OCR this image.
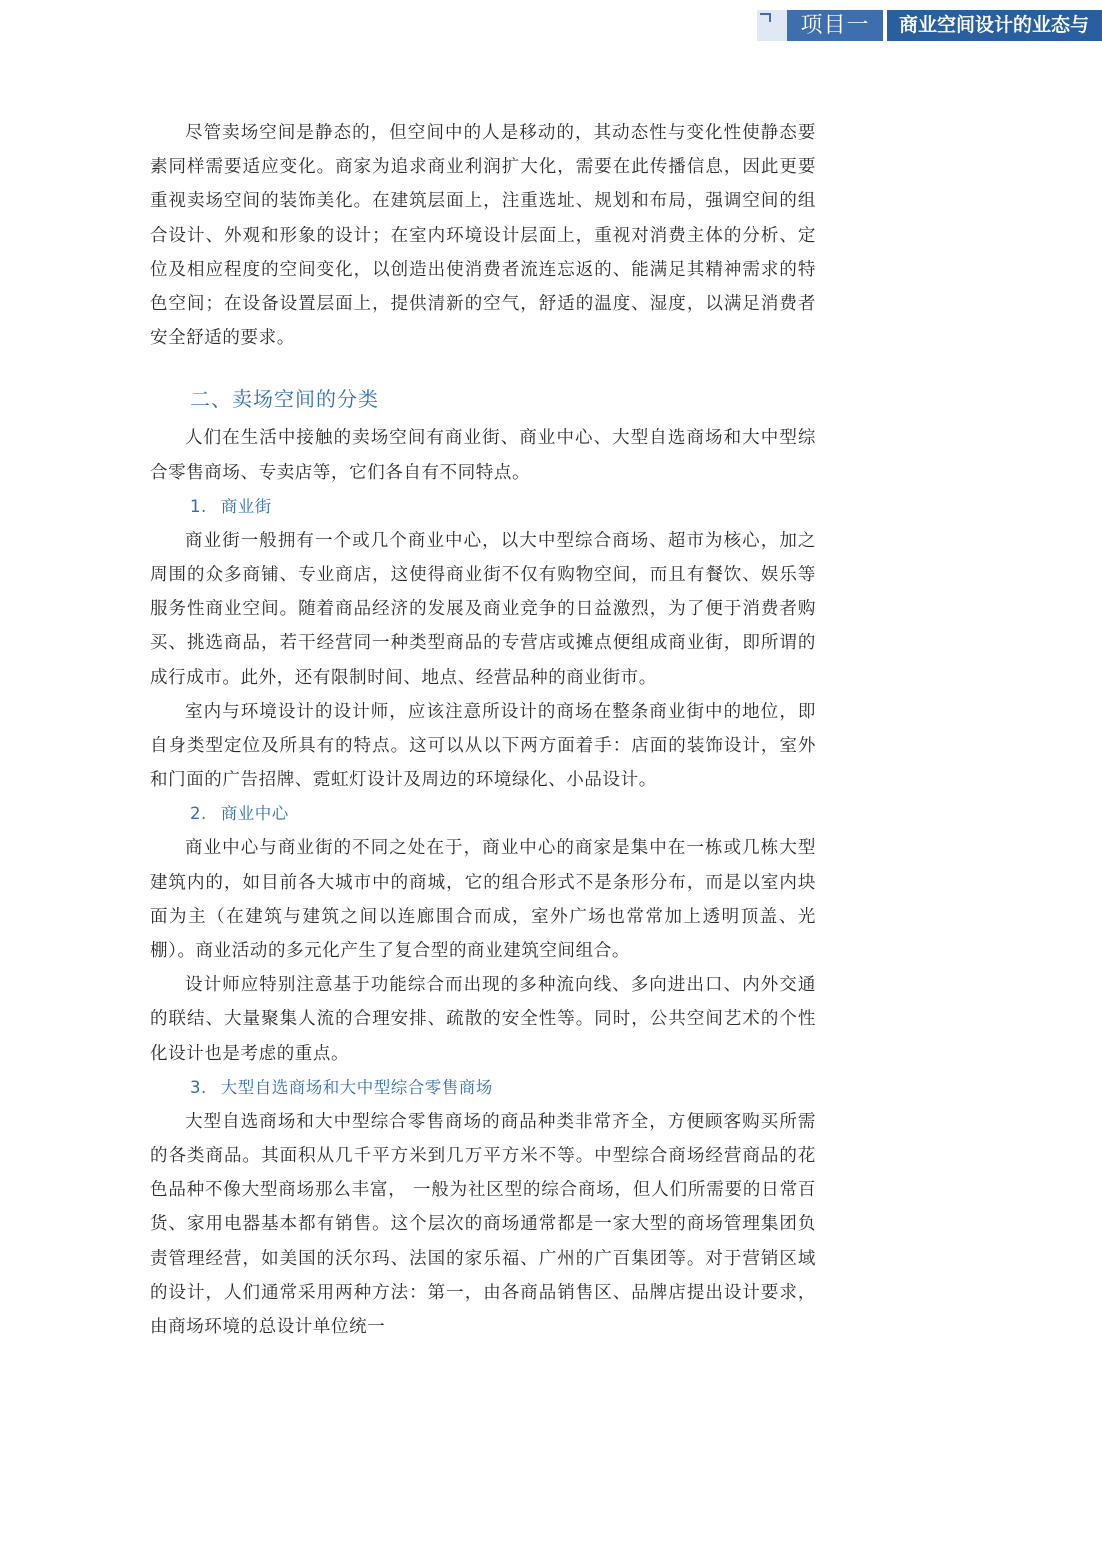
项目一	商业空间设计的业态与

尽管卖场空间是静态的，但空间中的人是移动的，其动态性与变化性使静态要素同样需要适应变化。商家为追求商业利润扩大化，需要在此传播信息，因此更要重视卖场空间的装饰美化。在建筑层面上，注重选址、规划和布局，强调空间的组合设计、外观和形象的设计；在室内环境设计层面上，重视对消费主体的分析、定位及相应程度的空间变化，以创造出使消费者流连忘返的、能满足其精神需求的特色空间；在设备设置层面上，提供清新的空气，舒适的温度、湿度，以满足消费者安全舒适的要求。

二、卖场空间的分类

人们在生活中接触的卖场空间有商业街、商业中心、大型自选商场和大中型综合零售商场、专卖店等，它们各自有不同特点。

1. 商业街

商业街一般拥有一个或几个商业中心，以大中型综合商场、超市为核心，加之周围的众多商铺、专业商店，这使得商业街不仅有购物空间，而且有餐饮、娱乐等服务性商业空间。随着商品经济的发展及商业竞争的日益激烈，为了便于消费者购买、挑选商品，若干经营同一种类型商品的专营店或摊点便组成商业街，即所谓的成行成市。此外，还有限制时间、地点、经营品种的商业街市。

室内与环境设计的设计师，应该注意所设计的商场在整条商业街中的地位，即自身类型定位及所具有的特点。这可以从以下两方面着手：店面的装饰设计，室外和门面的广告招牌、霓虹灯设计及周边的环境绿化、小品设计。

2. 商业中心

商业中心与商业街的不同之处在于，商业中心的商家是集中在一栋或几栋大型建筑内的，如目前各大城市中的商城，它的组合形式不是条形分布，而是以室内块面为主（在建筑与建筑之间以连廊围合而成，室外广场也常常加上透明顶盖、光棚）。商业活动的多元化产生了复合型的商业建筑空间组合。

设计师应特别注意基于功能综合而出现的多种流向线、多向进出口、内外交通的联结、大量聚集人流的合理安排、疏散的安全性等。同时，公共空间艺术的个性化设计也是考虑的重点。

3. 大型自选商场和大中型综合零售商场

大型自选商场和大中型综合零售商场的商品种类非常齐全，方便顾客购买所需的各类商品。其面积从几千平方米到几万平方米不等。中型综合商场经营商品的花色品种不像大型商场那么丰富， 一般为社区型的综合商场，但人们所需要的日常百货、家用电器基本都有销售。这个层次的商场通常都是一家大型的商场管理集团负责管理经营，如美国的沃尔玛、法国的家乐福、广州的广百集团等。对于营销区域的设计，人们通常采用两种方法：第一，由各商品销售区、品牌店提出设计要求，由商场环境的总设计单位统一
